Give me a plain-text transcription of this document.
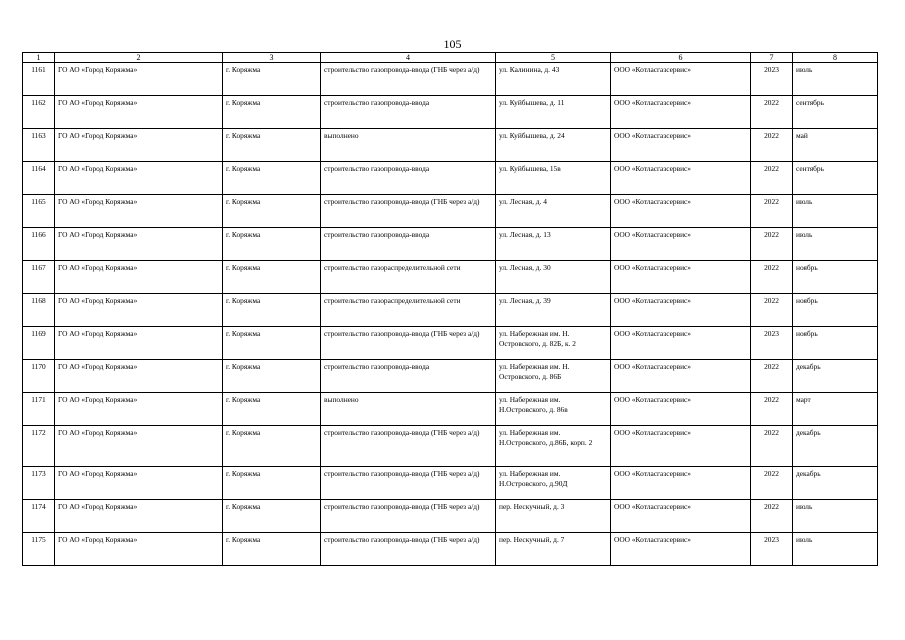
105
1	2	3	4	5	6	7	8
1161	ГО АО «Город Коряжма»	г. Коряжма	строительство газопровода-ввода (ГНБ через а/д)	ул. Калинина, д. 43	ООО «Котласгазсервис»	2023	июль
1162	ГО АО «Город Коряжма»	г. Коряжма	строительство газопровода-ввода	ул. Куйбышева, д. 11	ООО «Котласгазсервис»	2022	сентябрь
1163	ГО АО «Город Коряжма»	г. Коряжма	выполнено	ул. Куйбышева, д. 24	ООО «Котласгазсервис»	2022	май
1164	ГО АО «Город Коряжма»	г. Коряжма	строительство газопровода-ввода	ул. Куйбышева, 15в	ООО «Котласгазсервис»	2022	сентябрь
1165	ГО АО «Город Коряжма»	г. Коряжма	строительство газопровода-ввода (ГНБ через а/д)	ул. Лесная, д. 4	ООО «Котласгазсервис»	2022	июль
1166	ГО АО «Город Коряжма»	г. Коряжма	строительство газопровода-ввода	ул. Лесная, д. 13	ООО «Котласгазсервис»	2022	июль
1167	ГО АО «Город Коряжма»	г. Коряжма	строительство газораспределительной сети	ул. Лесная, д. 30	ООО «Котласгазсервис»	2022	ноябрь
1168	ГО АО «Город Коряжма»	г. Коряжма	строительство газораспределительной сети	ул. Лесная, д. 39	ООО «Котласгазсервис»	2022	ноябрь
1169	ГО АО «Город Коряжма»	г. Коряжма	строительство газопровода-ввода (ГНБ через а/д)	ул. Набережная им. Н. Островского, д. 82Б, к. 2	ООО «Котласгазсервис»	2023	ноябрь
1170	ГО АО «Город Коряжма»	г. Коряжма	строительство газопровода-ввода	ул. Набережная им. Н. Островского, д. 86Б	ООО «Котласгазсервис»	2022	декабрь
1171	ГО АО «Город Коряжма»	г. Коряжма	выполнено	ул. Набережная им. Н.Островского, д. 86в	ООО «Котласгазсервис»	2022	март
1172	ГО АО «Город Коряжма»	г. Коряжма	строительство газопровода-ввода (ГНБ через а/д)	ул. Набережная им. Н.Островского, д.86Б, корп. 2	ООО «Котласгазсервис»	2022	декабрь
1173	ГО АО «Город Коряжма»	г. Коряжма	строительство газопровода-ввода (ГНБ через а/д)	ул. Набережная им. Н.Островского, д.90Д	ООО «Котласгазсервис»	2022	декабрь
1174	ГО АО «Город Коряжма»	г. Коряжма	строительство газопровода-ввода (ГНБ через а/д)	пер. Нескучный, д. 3	ООО «Котласгазсервис»	2022	июль
1175	ГО АО «Город Коряжма»	г. Коряжма	строительство газопровода-ввода (ГНБ через а/д)	пер. Нескучный, д. 7	ООО «Котласгазсервис»	2023	июль
